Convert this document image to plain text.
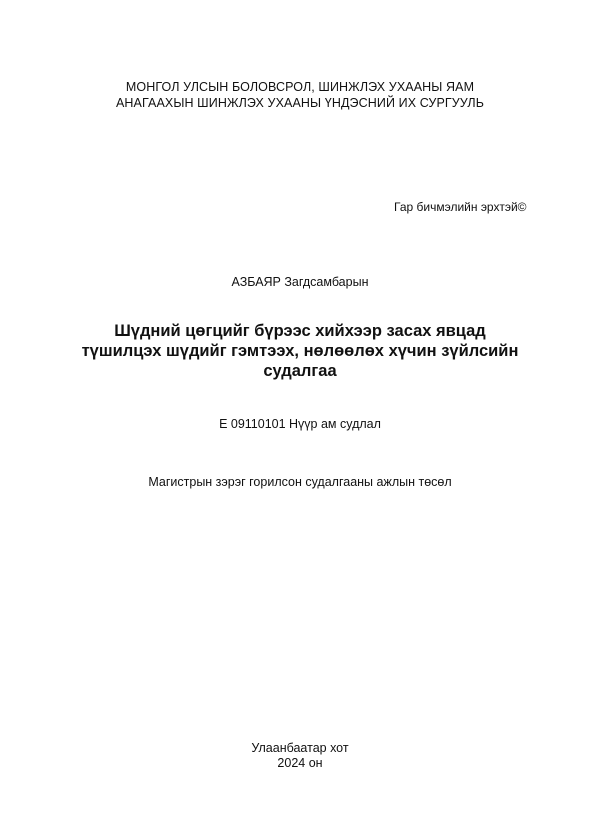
МОНГОЛ УЛСЫН БОЛОВСРОЛ, ШИНЖЛЭХ УХААНЫ ЯАМ
АНАГААХЫН ШИНЖЛЭХ УХААНЫ ҮНДЭСНИЙ ИХ СУРГУУЛЬ
Гар бичмэлийн эрхтэй©
АЗБАЯР Загдсамбарын
Шүдний цөгцийг бүрээс хийхээр засах явцад
түшилцэх шүдийг гэмтээх, нөлөөлөх хүчин зүйлсийн
судалгаа
Е 09110101 Нүүр ам судлал
Магистрын зэрэг горилсон судалгааны ажлын төсөл
Улаанбаатар хот
2024 он
